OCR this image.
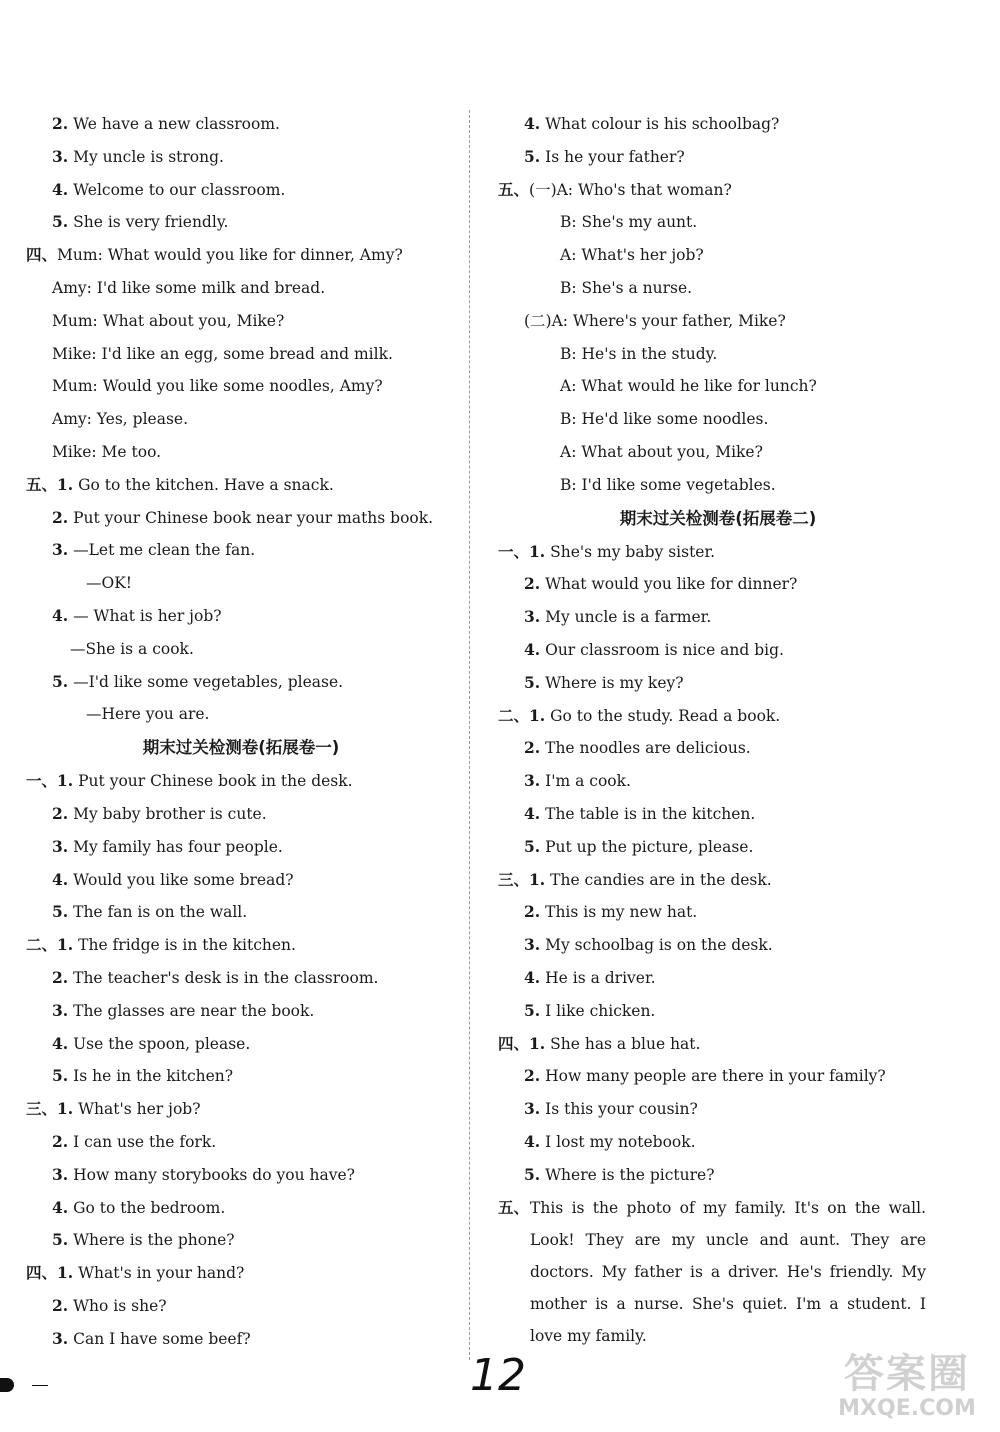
2. We have a new classroom.
3. My uncle is strong.
4. Welcome to our classroom.
5. She is very friendly.
四、Mum: What would you like for dinner, Amy?
Amy: I'd like some milk and bread.
Mum: What about you, Mike?
Mike: I'd like an egg, some bread and milk.
Mum: Would you like some noodles, Amy?
Amy: Yes, please.
Mike: Me too.
五、1. Go to the kitchen. Have a snack.
2. Put your Chinese book near your maths book.
3. —Let me clean the fan.
—OK!
4. — What is her job?
—She is a cook.
5. —I'd like some vegetables, please.
—Here you are.
期末过关检测卷(拓展卷一)
一、1. Put your Chinese book in the desk.
2. My baby brother is cute.
3. My family has four people.
4. Would you like some bread?
5. The fan is on the wall.
二、1. The fridge is in the kitchen.
2. The teacher's desk is in the classroom.
3. The glasses are near the book.
4. Use the spoon, please.
5. Is he in the kitchen?
三、1. What's her job?
2. I can use the fork.
3. How many storybooks do you have?
4. Go to the bedroom.
5. Where is the phone?
四、1. What's in your hand?
2. Who is she?
3. Can I have some beef?
4. What colour is his schoolbag?
5. Is he your father?
五、(一)A: Who's that woman?
B: She's my aunt.
A: What's her job?
B: She's a nurse.
(二)A: Where's your father, Mike?
B: He's in the study.
A: What would he like for lunch?
B: He'd like some noodles.
A: What about you, Mike?
B: I'd like some vegetables.
期末过关检测卷(拓展卷二)
一、1. She's my baby sister.
2. What would you like for dinner?
3. My uncle is a farmer.
4. Our classroom is nice and big.
5. Where is my key?
二、1. Go to the study. Read a book.
2. The noodles are delicious.
3. I'm a cook.
4. The table is in the kitchen.
5. Put up the picture, please.
三、1. The candies are in the desk.
2. This is my new hat.
3. My schoolbag is on the desk.
4. He is a driver.
5. I like chicken.
四、1. She has a blue hat.
2. How many people are there in your family?
3. Is this your cousin?
4. I lost my notebook.
5. Where is the picture?
五、 This is the photo of my family. It's on the wall. Look! They are my uncle and aunt. They are doctors. My father is a driver. He's friendly. My mother is a nurse. She's quiet. I'm a student. I love my family.
12	答案圈
MXQE.COM
